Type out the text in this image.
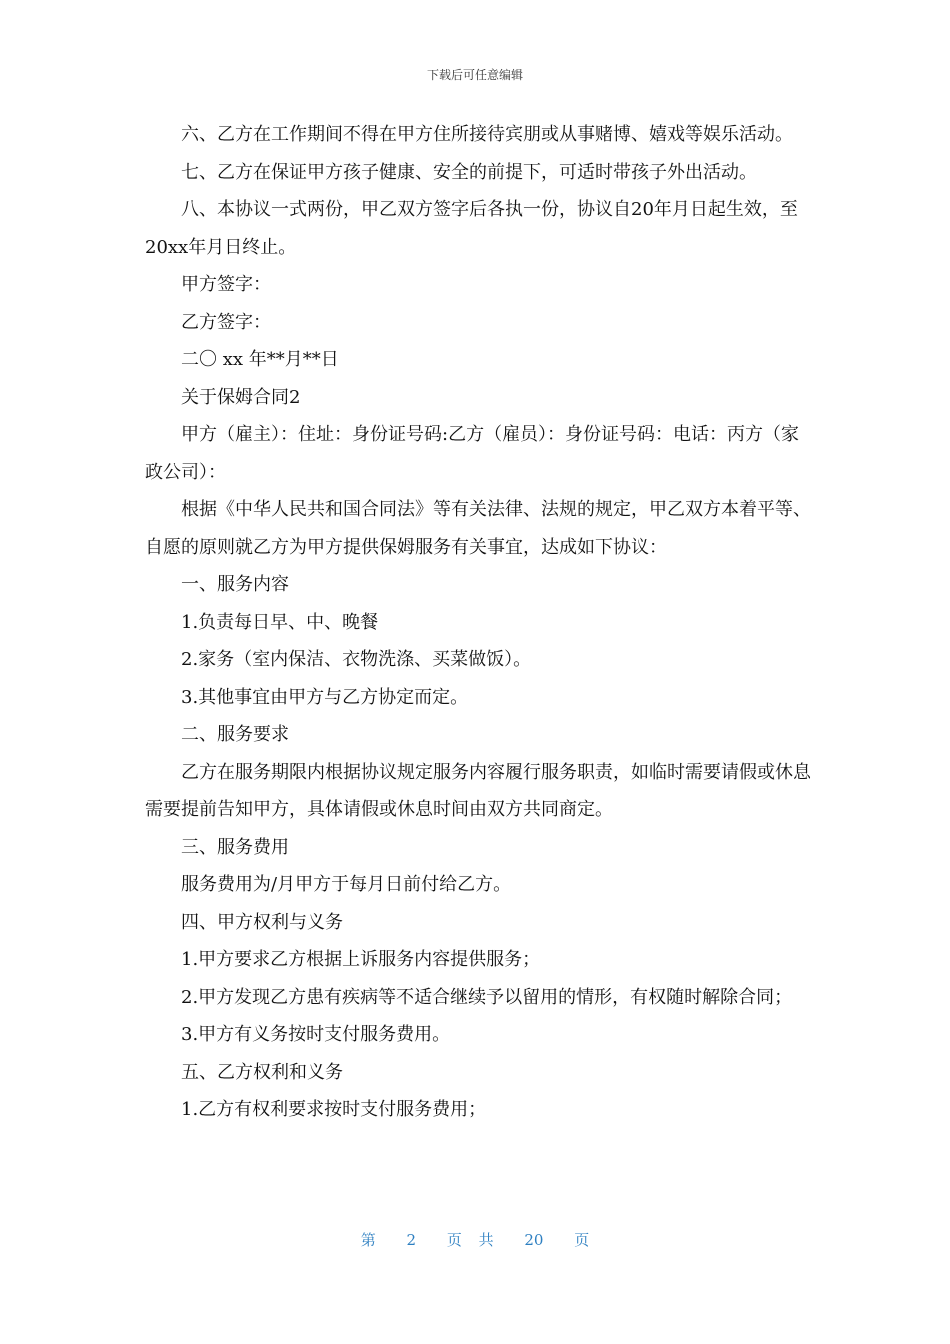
下载后可任意编辑

六、乙方在工作期间不得在甲方住所接待宾朋或从事赌博、嬉戏等娱乐活动。

七、乙方在保证甲方孩子健康、安全的前提下，可适时带孩子外出活动。

八、本协议一式两份，甲乙双方签字后各执一份，协议自20年月日起生效，至20xx年月日终止。

甲方签字：

乙方签字：

二〇 xx 年**月**日

关于保姆合同2

甲方（雇主）：住址：身份证号码:乙方（雇员）：身份证号码：电话：丙方（家政公司）：

根据《中华人民共和国合同法》等有关法律、法规的规定，甲乙双方本着平等、自愿的原则就乙方为甲方提供保姆服务有关事宜，达成如下协议：

一、服务内容

1.负责每日早、中、晚餐

2.家务（室内保洁、衣物洗涤、买菜做饭）。

3.其他事宜由甲方与乙方协定而定。

二、服务要求

乙方在服务期限内根据协议规定服务内容履行服务职责，如临时需要请假或休息需要提前告知甲方，具体请假或休息时间由双方共同商定。

三、服务费用

服务费用为/月甲方于每月日前付给乙方。

四、甲方权利与义务

1.甲方要求乙方根据上诉服务内容提供服务；

2.甲方发现乙方患有疾病等不适合继续予以留用的情形，有权随时解除合同；

3.甲方有义务按时支付服务费用。

五、乙方权利和义务

1.乙方有权利要求按时支付服务费用；

第 2 页 共 20 页
